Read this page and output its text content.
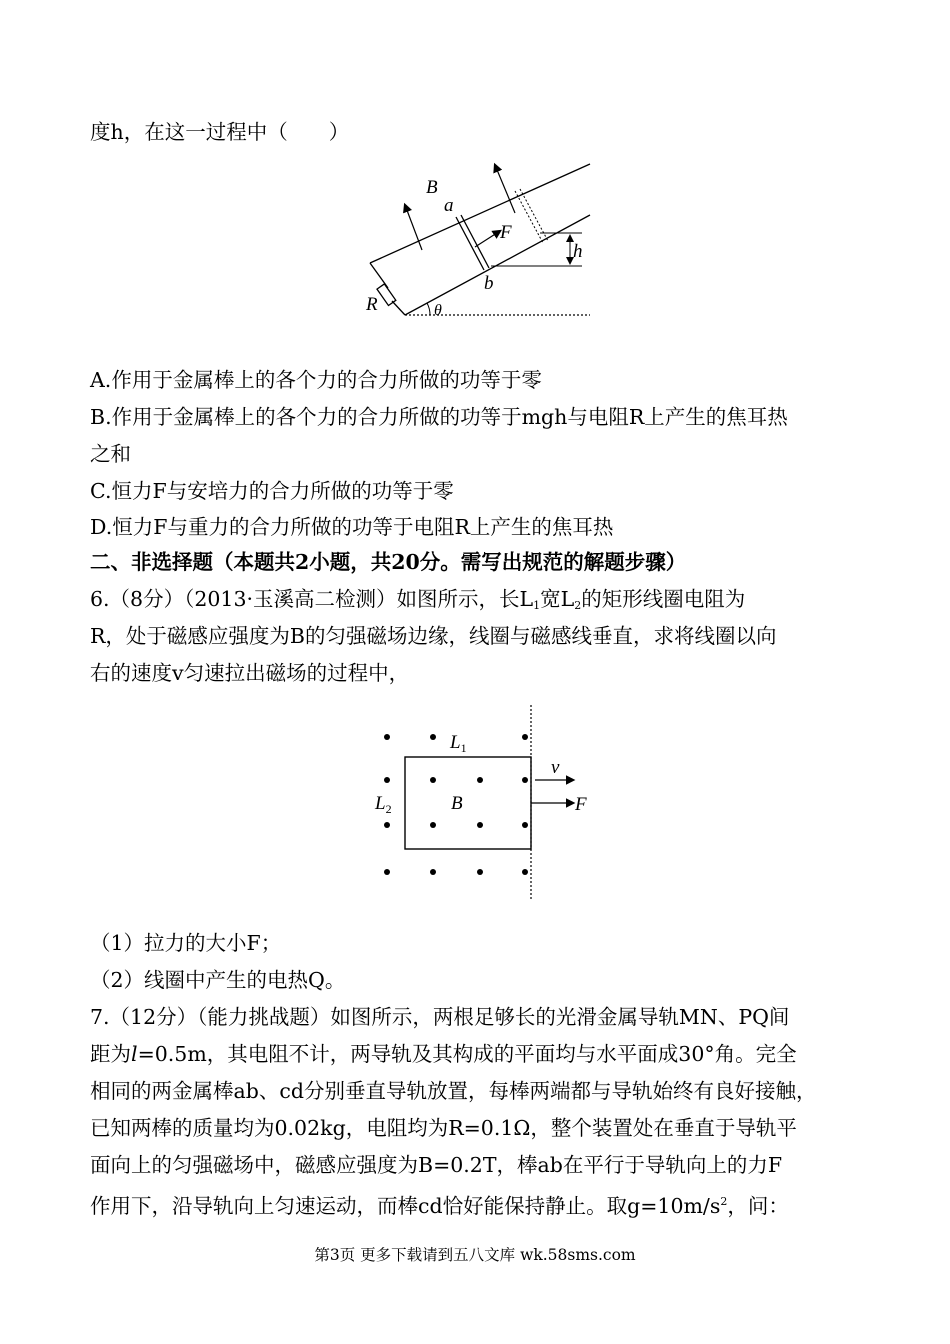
度h，在这一过程中（　　）
B
a
F
h
b
R	θ
A.作用于金属棒上的各个力的合力所做的功等于零
B.作用于金属棒上的各个力的合力所做的功等于mgh与电阻R上产生的焦耳热
之和
C.恒力F与安培力的合力所做的功等于零
D.恒力F与重力的合力所做的功等于电阻R上产生的焦耳热
二、非选择题（本题共2小题，共20分。需写出规范的解题步骤）
6.（8分）（2013·玉溪高二检测）如图所示，长$L_1$宽$L_2$的矩形线圈电阻为
R，处于磁感应强度为B的匀强磁场边缘，线圈与磁感线垂直，求将线圈以向
右的速度v匀速拉出磁场的过程中，
$L_1$
$L_2$
v
B	F
（1）拉力的大小F；
（2）线圈中产生的电热Q。
7.（12分）（能力挑战题）如图所示，两根足够长的光滑金属导轨MN、PQ间
距为l=0.5m，其电阻不计，两导轨及其构成的平面均与水平面成30°角。完全
相同的两金属棒ab、cd分别垂直导轨放置，每棒两端都与导轨始终有良好接触，
已知两棒的质量均为0.02kg，电阻均为R=0.1Ω，整个装置处在垂直于导轨平
面向上的匀强磁场中，磁感应强度为B=0.2T，棒ab在平行于导轨向上的力F
作用下，沿导轨向上匀速运动，而棒cd恰好能保持静止。取$g=10m/s^2$，问：
第3页 更多下载请到五八文库 wk.58sms.com
